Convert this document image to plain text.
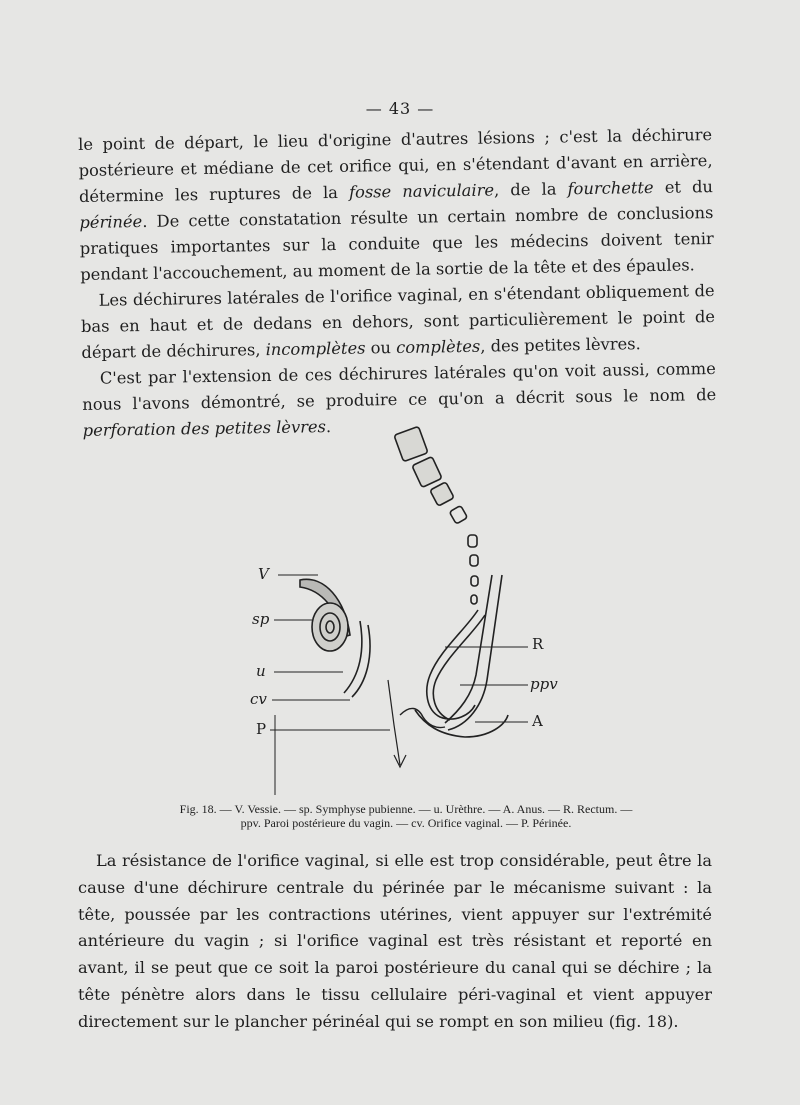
— 43 —

le point de départ, le lieu d'origine d'autres lésions ; c'est la déchirure postérieure et médiane de cet orifice qui, en s'étendant d'avant en arrière, détermine les ruptures de la fosse naviculaire, de la fourchette et du périnée. De cette constatation résulte un certain nombre de conclusions pratiques importantes sur la conduite que les médecins doivent tenir pendant l'accouchement, au moment de la sortie de la tête et des épaules.

Les déchirures latérales de l'orifice vaginal, en s'étendant obliquement de bas en haut et de dedans en dehors, sont particulièrement le point de départ de déchirures, incomplètes ou complètes, des petites lèvres.

C'est par l'extension de ces déchirures latérales qu'on voit aussi, comme nous l'avons démontré, se produire ce qu'on a décrit sous le nom de perforation des petites lèvres.

V
sp
u
cv
P
R
ppv
A
Fig. 18. — V. Vessie. — sp. Symphyse pubienne. — u. Urèthre. — A. Anus. — R. Rectum. —
ppv. Paroi postérieure du vagin. — cv. Orifice vaginal. — P. Périnée.

La résistance de l'orifice vaginal, si elle est trop considérable, peut être la cause d'une déchirure centrale du périnée par le mécanisme suivant : la tête, poussée par les contractions utérines, vient appuyer sur l'extrémité antérieure du vagin ; si l'orifice vaginal est très résistant et reporté en avant, il se peut que ce soit la paroi postérieure du canal qui se déchire ; la tête pénètre alors dans le tissu cellulaire péri-vaginal et vient appuyer directement sur le plancher périnéal qui se rompt en son milieu (fig. 18).
